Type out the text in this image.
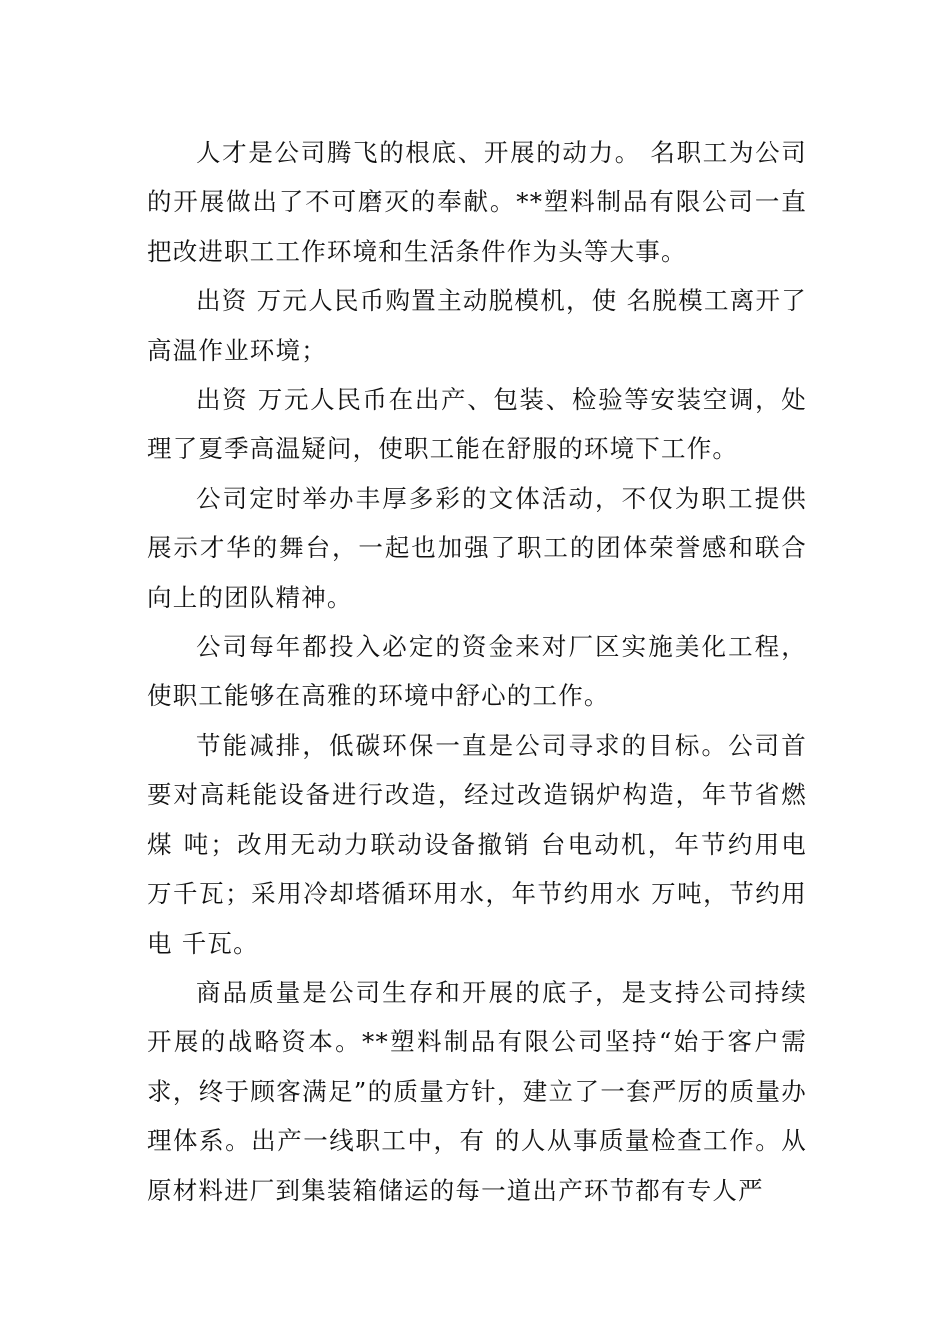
人才是公司腾飞的根底、开展的动力。 名职工为公司的开展做出了不可磨灭的奉献。**塑料制品有限公司一直把改进职工工作环境和生活条件作为头等大事。

出资 万元人民币购置主动脱模机，使 名脱模工离开了高温作业环境；

出资 万元人民币在出产、包装、检验等安装空调，处理了夏季高温疑问，使职工能在舒服的环境下工作。

公司定时举办丰厚多彩的文体活动，不仅为职工提供展示才华的舞台，一起也加强了职工的团体荣誉感和联合向上的团队精神。

公司每年都投入必定的资金来对厂区实施美化工程，使职工能够在高雅的环境中舒心的工作。

节能减排，低碳环保一直是公司寻求的目标。公司首要对高耗能设备进行改造，经过改造锅炉构造，年节省燃煤 吨；改用无动力联动设备撤销 台电动机，年节约用电 万千瓦；采用冷却塔循环用水，年节约用水 万吨，节约用电 千瓦。

商品质量是公司生存和开展的底子，是支持公司持续开展的战略资本。**塑料制品有限公司坚持“始于客户需求，终于顾客满足”的质量方针，建立了一套严厉的质量办理体系。出产一线职工中，有 的人从事质量检查工作。从原材料进厂到集装箱储运的每一道出产环节都有专人严
